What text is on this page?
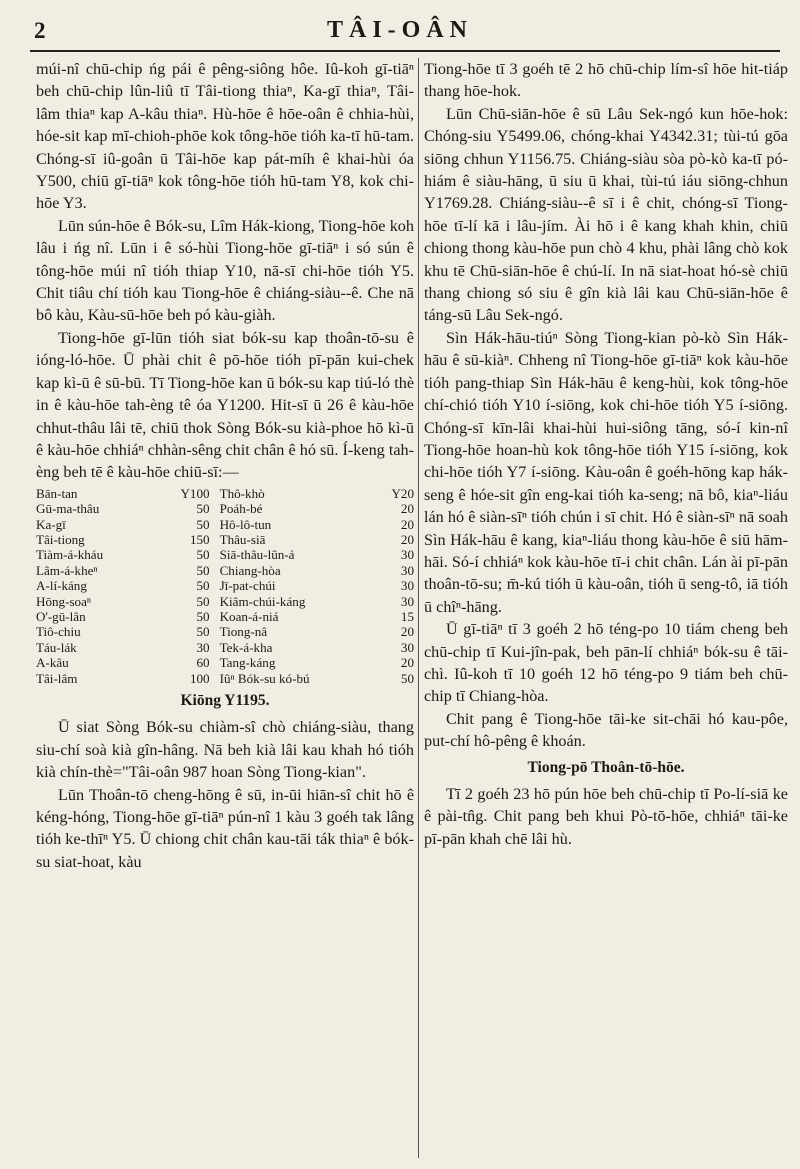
2	TÂI-OÂN

múi-nî chū-chip ńg pái ê pêng-siông hôe. Iû-koh gī-tiāⁿ beh chū-chip lûn-liû tī Tâi-tiong thiaⁿ, Ka-gī thiaⁿ, Tâi-lâm thiaⁿ kap A-kâu thiaⁿ. Hù-hōe ê hōe-oân ê chhia-hùi, hóe-sit kap mī-chioh-phōe kok tông-hōe tióh ka-tī hū-tam. Chóng-sī iû-goân ū Tâi-hōe kap pát-míh ê khai-hùi óa Y500, chiū gī-tiāⁿ kok tông-hōe tióh hū-tam Y8, kok chi-hōe Y3.

Lūn sún-hōe ê Bók-su, Lîm Hák-kiong, Tiong-hōe koh lâu i ńg nî. Lūn i ê só-hùi Tiong-hōe gī-tiāⁿ i só sún ê tông-hōe múi nî tióh thiap Y10, nā-sī chi-hōe tióh Y5. Chit tiâu chí tióh kau Tiong-hōe ê chiáng-siàu--ê. Che nā bô kàu, Kàu-sū-hōe beh pó kàu-giàh.

Tiong-hōe gī-lūn tióh siat bók-su kap thoân-tō-su ê ióng-ló-hōe. Ū phài chit ê pō-hōe tióh pī-pān kui-chek kap kì-ū ê sū-bū. Tī Tiong-hōe kan ū bók-su kap tiú-ló thè in ê kàu-hōe tah-èng tê óa Y1200. Hit-sī ū 26 ê kàu-hōe chhut-thâu lâi tē, chiū thok Sòng Bók-su kià-phoe hō kì-ū ê kàu-hōe chhiáⁿ chhàn-sêng chit chân ê hó sū. Í-keng tah-èng beh tē ê kàu-hōe chiū-sī:—

Bān-tan	Y100	Thô-khò	Y20
Gū-ma-thâu	50	Poáh-bé	20
Ka-gī	50	Hô-lô-tun	20
Tâi-tiong	150	Thâu-siā	20
Tiàm-á-kháu	50	Siā-thâu-lûn-á	30
Lâm-á-kheⁿ	50	Chiang-hòa	30
A-lí-káng	50	Jī-pat-chúi	30
Hōng-soaⁿ	50	Kiâm-chúi-káng	30
O'-gū-lân	50	Koan-á-niá	15
Tiô-chiu	50	Tiong-nâ	20
Táu-lák	30	Tek-á-kha	30
A-kâu	60	Tang-káng	20
Tâi-lâm	100	Iûⁿ Bók-su kó-bú	50
Kiōng Y1195.

Ū siat Sòng Bók-su chiàm-sî chò chiáng-siàu, thang siu-chí soà kià gîn-hâng. Nā beh kià lâi kau khah hó tióh kià chín-thè="Tâi-oân 987 hoan Sòng Tiong-kian".

Lūn Thoân-tō cheng-hōng ê sū, in-ūi hiān-sî chit hō ê kéng-hóng, Tiong-hōe gī-tiāⁿ pún-nî 1 kàu 3 goéh tak lâng tióh ke-thīⁿ Y5. Ū chiong chit chân kau-tāi ták thiaⁿ ê bók-su siat-hoat, kàu

Tiong-hōe tī 3 goéh tē 2 hō chū-chip lím-sî hōe hit-tiáp thang hōe-hok.

Lūn Chū-siān-hōe ê sū Lâu Sek-ngó kun hōe-hok: Chóng-siu Y5499.06, chóng-khai Y4342.31; tùi-tú gōa siōng chhun Y1156.75. Chiáng-siàu sòa pò-kò ka-tī pó-hiám ê siàu-hāng, ū siu ū khai, tùi-tú iáu siōng-chhun Y1769.28. Chiáng-siàu--ê sī i ê chit, chóng-sī Tiong-hōe tī-lí kā i lâu-jím. Ài hō i ê kang khah khin, chiū chiong thong kàu-hōe pun chò 4 khu, phài lâng chò kok khu tē Chū-siān-hōe ê chú-lí. In nā siat-hoat hó-sè chiū thang chiong só siu ê gîn kià lâi kau Chū-siān-hōe ê táng-sū Lâu Sek-ngó.

Sìn Hák-hāu-tiúⁿ Sòng Tiong-kian pò-kò Sìn Hák-hāu ê sū-kiàⁿ. Chheng nî Tiong-hōe gī-tiāⁿ kok kàu-hōe tióh pang-thiap Sìn Hák-hāu ê keng-hùi, kok tông-hōe chí-chió tióh Y10 í-siōng, kok chi-hōe tióh Y5 í-siōng. Chóng-sī kīn-lâi khai-hùi hui-siông tāng, só-í kin-nî Tiong-hōe hoan-hù kok tông-hōe tióh Y15 í-siōng, kok chi-hōe tióh Y7 í-siōng. Kàu-oân ê goéh-hōng kap hák-seng ê hóe-sit gîn eng-kai tióh ka-seng; nā bô, kiaⁿ-liáu lán hó ê siàn-sīⁿ tióh chún i sī chit. Hó ê siàn-sīⁿ nā soah Sìn Hák-hāu ê kang, kiaⁿ-liáu thong kàu-hōe ê siū hām-hāi. Só-í chhiáⁿ kok kàu-hōe tī-i chit chân. Lán ài pī-pān thoân-tō-su; m̄-kú tióh ū kàu-oân, tióh ū seng-tô, iā tióh ū chîⁿ-hāng.

Ū gī-tiāⁿ tī 3 goéh 2 hō téng-po 10 tiám cheng beh chū-chip tī Kui-jîn-pak, beh pān-lí chhiáⁿ bók-su ê tāi-chì. Iû-koh tī 10 goéh 12 hō téng-po 9 tiám beh chū-chip tī Chiang-hòa.

Chit pang ê Tiong-hōe tāi-ke sit-chāi hó kau-pôe, put-chí hô-pêng ê khoán.

Tiong-pō Thoân-tō-hōe.

Tī 2 goéh 23 hō pún hōe beh chū-chip tī Po-lí-siā ke ê pài-tn̂g. Chit pang beh khui Pò-tō-hōe, chhiáⁿ tāi-ke pī-pān khah chē lâi hù.
